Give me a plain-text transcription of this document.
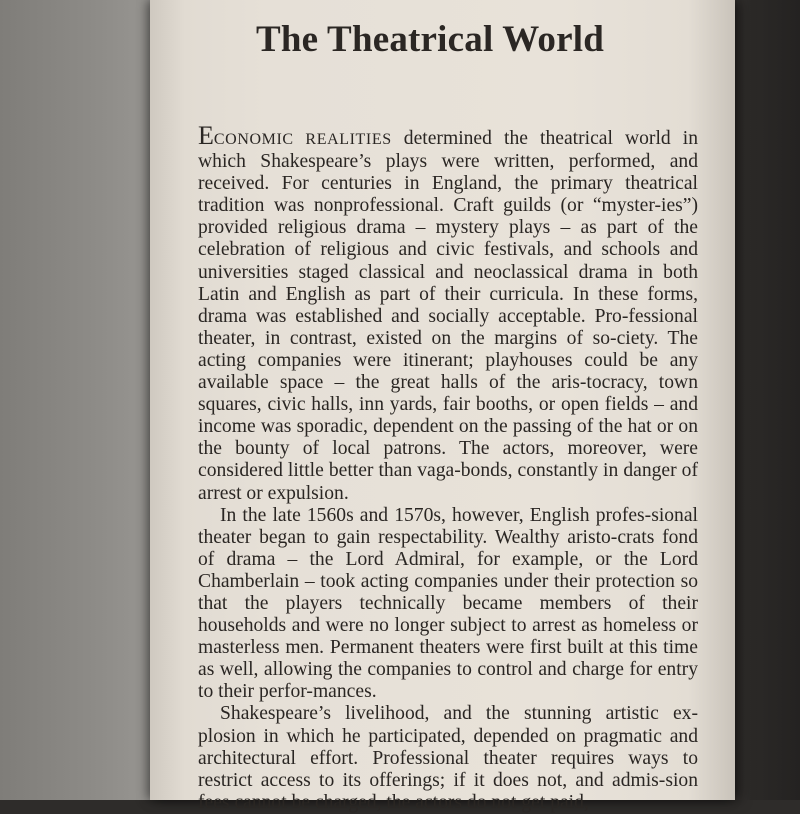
The Theatrical World

ECONOMIC REALITIES determined the theatrical world in which Shakespeare’s plays were written, performed, and received. For centuries in England, the primary theatrical tradition was nonprofessional. Craft guilds (or “myster-ies”) provided religious drama – mystery plays – as part of the celebration of religious and civic festivals, and schools and universities staged classical and neoclassical drama in both Latin and English as part of their curricula. In these forms, drama was established and socially acceptable. Pro-fessional theater, in contrast, existed on the margins of so-ciety. The acting companies were itinerant; playhouses could be any available space – the great halls of the aris-tocracy, town squares, civic halls, inn yards, fair booths, or open fields – and income was sporadic, dependent on the passing of the hat or on the bounty of local patrons. The actors, moreover, were considered little better than vaga-bonds, constantly in danger of arrest or expulsion.

In the late 1560s and 1570s, however, English profes-sional theater began to gain respectability. Wealthy aristo-crats fond of drama – the Lord Admiral, for example, or the Lord Chamberlain – took acting companies under their protection so that the players technically became members of their households and were no longer subject to arrest as homeless or masterless men. Permanent theaters were first built at this time as well, allowing the companies to control and charge for entry to their perfor-mances.

Shakespeare’s livelihood, and the stunning artistic ex-plosion in which he participated, depended on pragmatic and architectural effort. Professional theater requires ways to restrict access to its offerings; if it does not, and admis-sion fees cannot be charged, the actors do not get paid,
